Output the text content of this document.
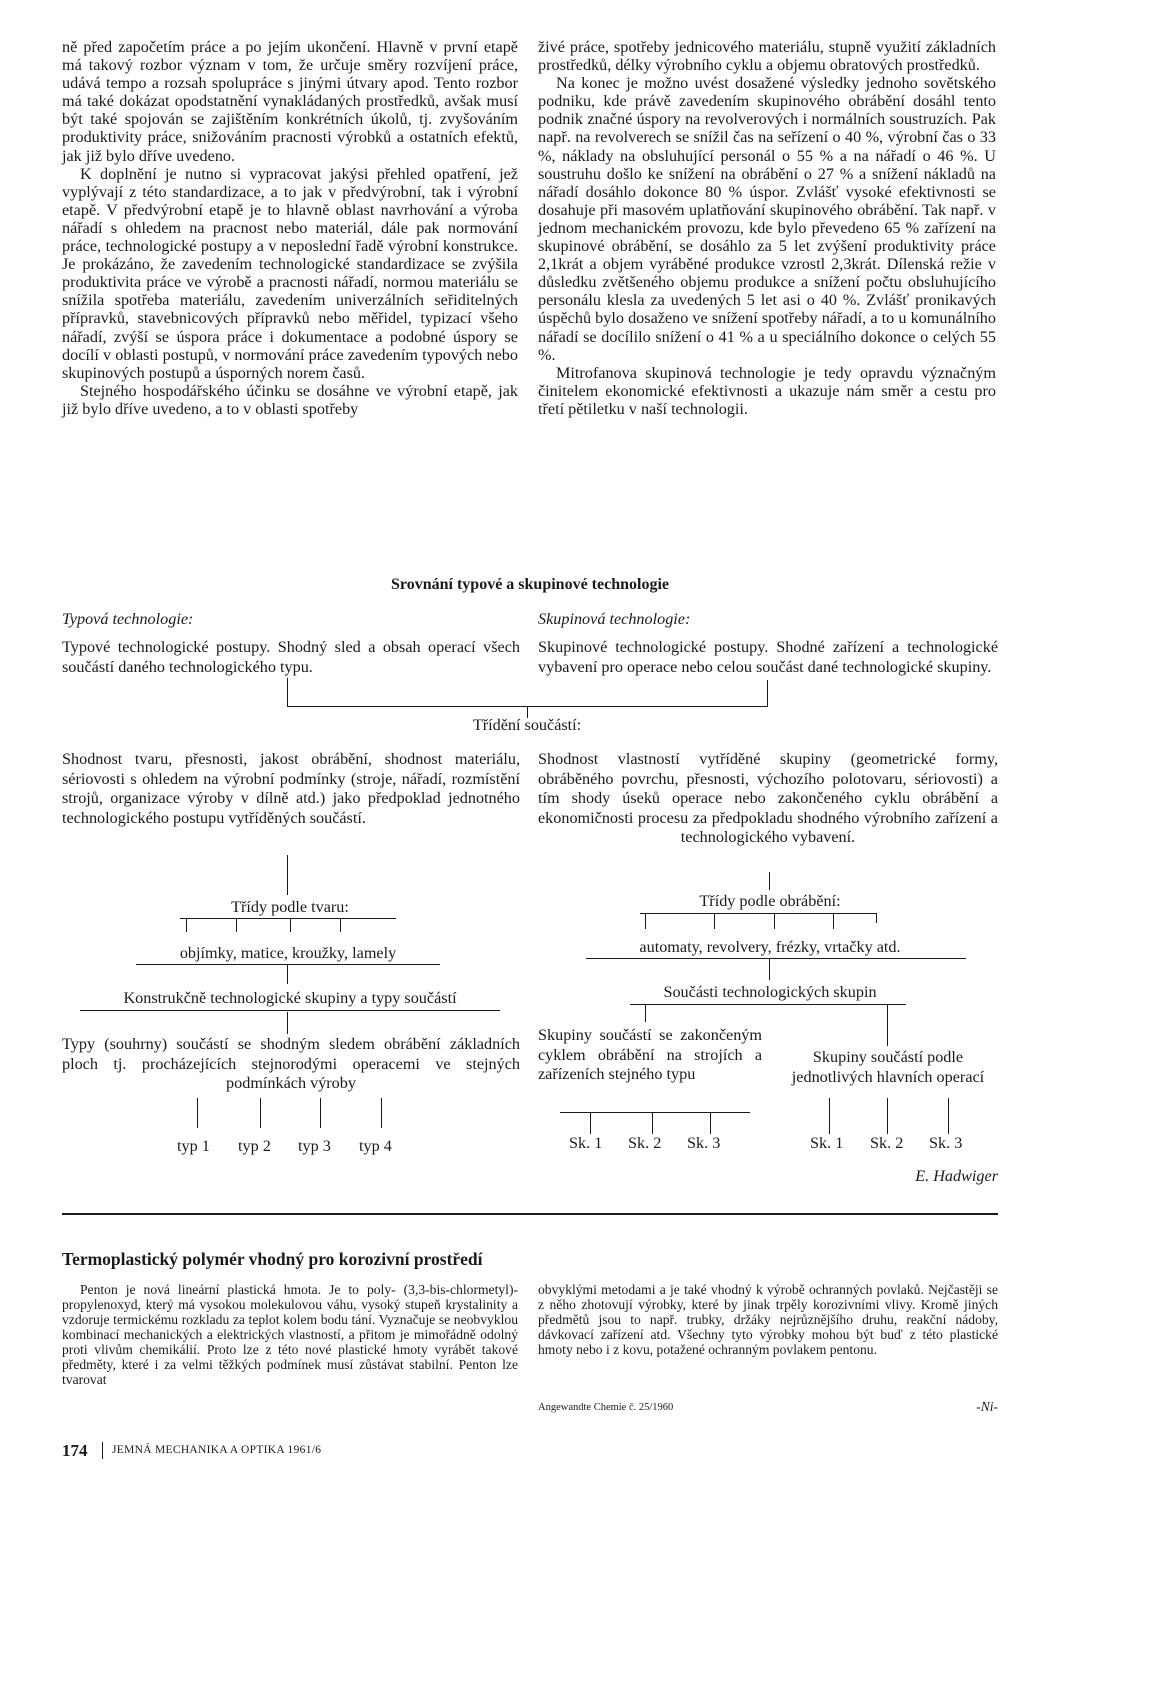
ně před započetím práce a po jejím ukončení. Hlavně v první etapě má takový rozbor význam v tom, že určuje směry rozvíjení práce, udává tempo a rozsah spolupráce s jinými útvary apod. Tento rozbor má také dokázat opodstatnění vynakládaných prostředků, avšak musí být také spojován se zajištěním konkrétních úkolů, tj. zvyšováním produktivity práce, snižováním pracnosti výrobků a ostatních efektů, jak již bylo dříve uvedeno.

K doplnění je nutno si vypracovat jakýsi přehled opatření, jež vyplývají z této standardizace, a to jak v předvýrobní, tak i výrobní etapě. V předvýrobní etapě je to hlavně oblast navrhování a výroba nářadí s ohledem na pracnost nebo materiál, dále pak normování práce, technologické postupy a v neposlední řadě výrobní konstrukce. Je prokázáno, že zavedením technologické standardizace se zvýšila produktivita práce ve výrobě a pracnosti nářadí, normou materiálu se snížila spotřeba materiálu, zavedením univerzálních seřiditelných přípravků, stavebnicových přípravků nebo měřidel, typizací všeho nářadí, zvýší se úspora práce i dokumentace a podobné úspory se docílí v oblasti postupů, v normování práce zavedením typových nebo skupinových postupů a úsporných norem časů.

Stejného hospodářského účinku se dosáhne ve výrobní etapě, jak již bylo dříve uvedeno, a to v oblasti spotřeby

živé práce, spotřeby jednicového materiálu, stupně využití základních prostředků, délky výrobního cyklu a objemu obratových prostředků.

Na konec je možno uvést dosažené výsledky jednoho sovětského podniku, kde právě zavedením skupinového obrábění dosáhl tento podnik značné úspory na revolverových i normálních soustruzích. Pak např. na revolverech se snížil čas na seřízení o 40 %, výrobní čas o 33 %, náklady na obsluhující personál o 55 % a na nářadí o 46 %. U soustruhu došlo ke snížení na obrábění o 27 % a snížení nákladů na nářadí dosáhlo dokonce 80 % úspor. Zvlášť vysoké efektivnosti se dosahuje při masovém uplatňování skupinového obrábění. Tak např. v jednom mechanickém provozu, kde bylo převedeno 65 % zařízení na skupinové obrábění, se dosáhlo za 5 let zvýšení produktivity práce 2,1krát a objem vyráběné produkce vzrostl 2,3krát. Dílenská režie v důsledku zvětšeného objemu produkce a snížení počtu obsluhujícího personálu klesla za uvedených 5 let asi o 40 %. Zvlášť pronikavých úspěchů bylo dosaženo ve snížení spotřeby nářadí, a to u komunálního nářadí se docílilo snížení o 41 % a u speciálního dokonce o celých 55 %.

Mitrofanova skupinová technologie je tedy opravdu význačným činitelem ekonomické efektivnosti a ukazuje nám směr a cestu pro třetí pětiletku v naší technologii.

Srovnání typové a skupinové technologie
Typová technologie:	Skupinová technologie:
Typové technologické postupy. Shodný sled a obsah operací všech součástí daného technologického typu.
Skupinové technologické postupy. Shodné zařízení a technologické vybavení pro operace nebo celou součást dané technologické skupiny.
Třídění součástí:
Shodnost tvaru, přesnosti, jakost obrábění, shodnost materiálu, sériovosti s ohledem na výrobní podmínky (stroje, nářadí, rozmístění strojů, organizace výroby v dílně atd.) jako předpoklad jednotného technologického postupu vytříděných součástí.
Shodnost vlastností vytříděné skupiny (geometrické formy, obráběného povrchu, přesnosti, výchozího polotovaru, sériovosti) a tím shody úseků operace nebo zakončeného cyklu obrábění a ekonomičnosti procesu za předpokladu shodného výrobního zařízení a technologického vybavení.
Třídy podle tvaru:
objímky, matice, kroužky, lamely
Konstrukčně technologické skupiny a typy součástí
Typy (souhrny) součástí se shodným sledem obrábění základních ploch tj. procházejících stejnorodými operacemi ve stejných podmínkách výroby
typ 1 typ 2 typ 3 typ 4
Třídy podle obrábění:
automaty, revolvery, frézky, vrtačky atd.
Součásti technologických skupin
Skupiny součástí se zakončeným cyklem obrábění na strojích a zařízeních stejného typu
Skupiny součástí podle jednotlivých hlavních operací
Sk. 1 Sk. 2 Sk. 3	Sk. 1 Sk. 2 Sk. 3
E. Hadwiger
Termoplastický polymér vhodný pro korozivní prostředí

Penton je nová lineární plastická hmota. Je to poly- (3,3-bis-chlormetyl)-propylenoxyd, který má vysokou molekulovou váhu, vysoký stupeň krystalinity a vzdoruje termickému rozkladu za teplot kolem bodu tání. Vyznačuje se neobvyklou kombinací mechanických a elektrických vlastností, a přitom je mimořádně odolný proti vlivům chemikálií. Proto lze z této nové plastické hmoty vyrábět takové předměty, které i za velmi těžkých podmínek musí zůstávat stabilní. Penton lze tvarovat

obvyklými metodami a je také vhodný k výrobě ochranných povlaků. Nejčastěji se z něho zhotovují výrobky, které by jinak trpěly korozivními vlivy. Kromě jiných předmětů jsou to např. trubky, držáky nejrůznějšího druhu, reakční nádoby, dávkovací zařízení atd. Všechny tyto výrobky mohou být buď z této plastické hmoty nebo i z kovu, potažené ochranným povlakem pentonu.

Angewandte Chemie č. 25/1960	-Ni-
174 JEMNÁ MECHANIKA A OPTIKA 1961/6
